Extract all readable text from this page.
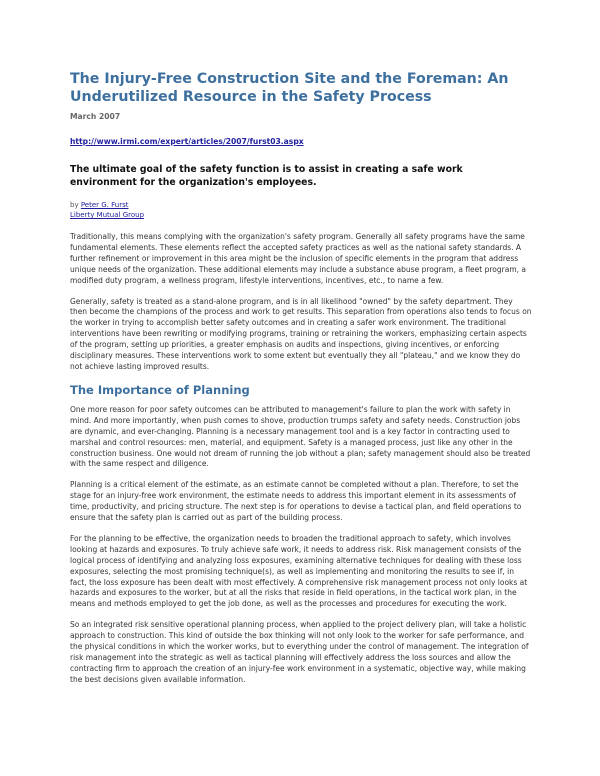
The Injury-Free Construction Site and the Foreman: An Underutilized Resource in the Safety Process
March 2007
http://www.irmi.com/expert/articles/2007/furst03.aspx
The ultimate goal of the safety function is to assist in creating a safe work environment for the organization's employees.
by Peter G. Furst
Liberty Mutual Group

Traditionally, this means complying with the organization's safety program. Generally all safety programs have the same fundamental elements. These elements reflect the accepted safety practices as well as the national safety standards. A further refinement or improvement in this area might be the inclusion of specific elements in the program that address unique needs of the organization. These additional elements may include a substance abuse program, a fleet program, a modified duty program, a wellness program, lifestyle interventions, incentives, etc., to name a few.

Generally, safety is treated as a stand-alone program, and is in all likelihood "owned" by the safety department. They then become the champions of the process and work to get results. This separation from operations also tends to focus on the worker in trying to accomplish better safety outcomes and in creating a safer work environment. The traditional interventions have been rewriting or modifying programs, training or retraining the workers, emphasizing certain aspects of the program, setting up priorities, a greater emphasis on audits and inspections, giving incentives, or enforcing disciplinary measures. These interventions work to some extent but eventually they all "plateau," and we know they do not achieve lasting improved results.

The Importance of Planning

One more reason for poor safety outcomes can be attributed to management's failure to plan the work with safety in mind. And more importantly, when push comes to shove, production trumps safety and safety needs. Construction jobs are dynamic, and ever-changing. Planning is a necessary management tool and is a key factor in contracting used to marshal and control resources: men, material, and equipment. Safety is a managed process, just like any other in the construction business. One would not dream of running the job without a plan; safety management should also be treated with the same respect and diligence.

Planning is a critical element of the estimate, as an estimate cannot be completed without a plan. Therefore, to set the stage for an injury-free work environment, the estimate needs to address this important element in its assessments of time, productivity, and pricing structure. The next step is for operations to devise a tactical plan, and field operations to ensure that the safety plan is carried out as part of the building process.

For the planning to be effective, the organization needs to broaden the traditional approach to safety, which involves looking at hazards and exposures. To truly achieve safe work, it needs to address risk. Risk management consists of the logical process of identifying and analyzing loss exposures, examining alternative techniques for dealing with these loss exposures, selecting the most promising technique(s), as well as implementing and monitoring the results to see if, in fact, the loss exposure has been dealt with most effectively. A comprehensive risk management process not only looks at hazards and exposures to the worker, but at all the risks that reside in field operations, in the tactical work plan, in the means and methods employed to get the job done, as well as the processes and procedures for executing the work.

So an integrated risk sensitive operational planning process, when applied to the project delivery plan, will take a holistic approach to construction. This kind of outside the box thinking will not only look to the worker for safe performance, and the physical conditions in which the worker works, but to everything under the control of management. The integration of risk management into the strategic as well as tactical planning will effectively address the loss sources and allow the contracting firm to approach the creation of an injury-fee work environment in a systematic, objective way, while making the best decisions given available information.
